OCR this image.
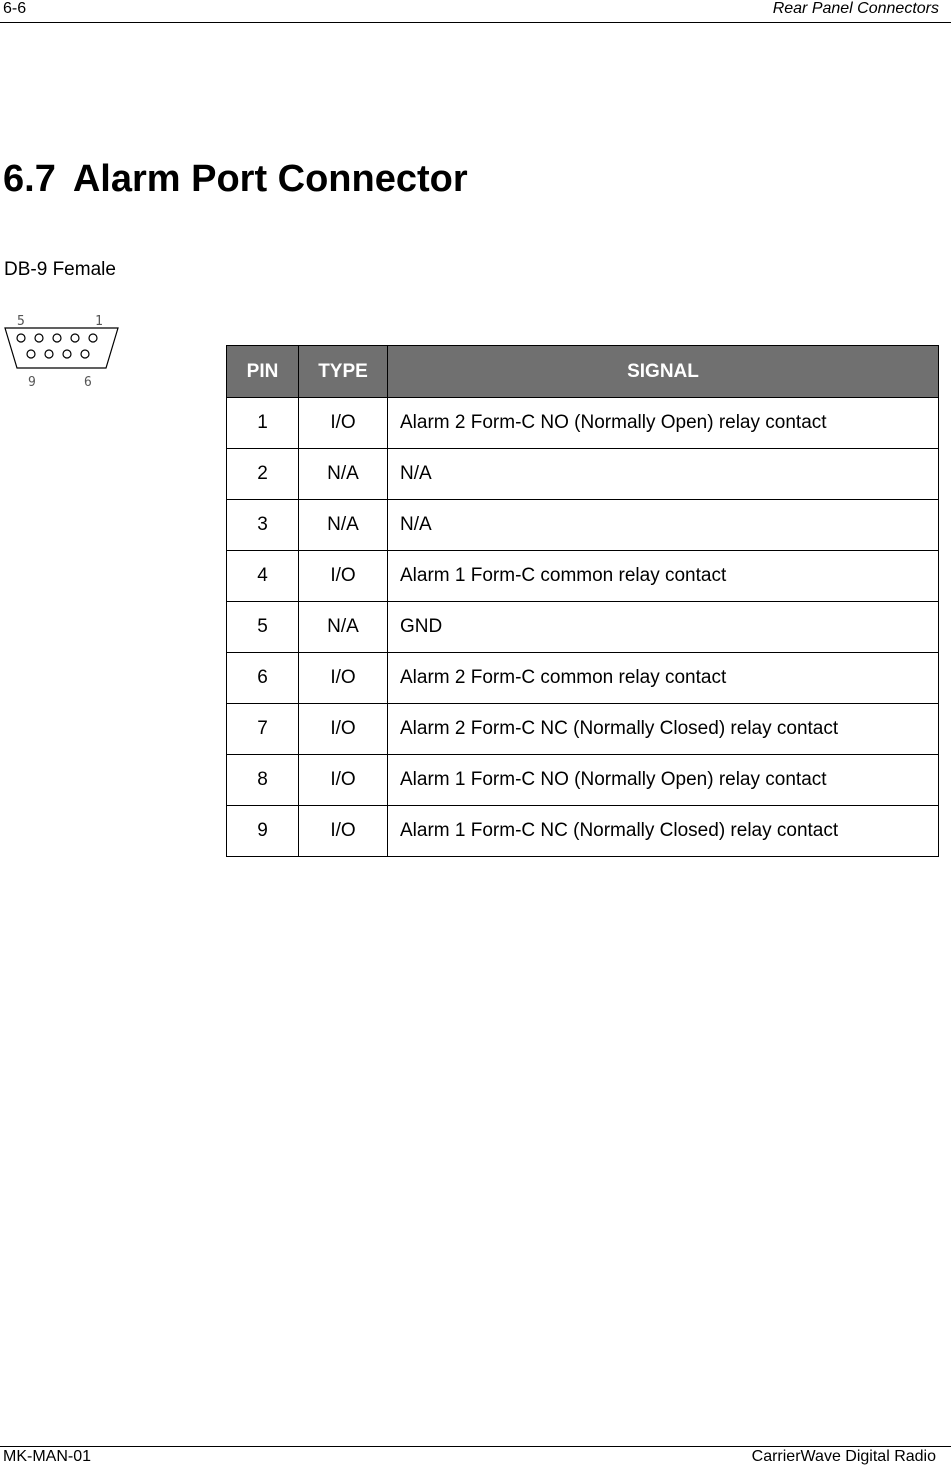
6-6	Rear Panel Connectors
6.7 Alarm Port Connector
DB-9 Female
5	1
9	6
PIN	TYPE	SIGNAL
1	I/O	Alarm 2 Form-C NO (Normally Open) relay contact
2	N/A	N/A
3	N/A	N/A
4	I/O	Alarm 1 Form-C common relay contact
5	N/A	GND
6	I/O	Alarm 2 Form-C common relay contact
7	I/O	Alarm 2 Form-C NC (Normally Closed) relay contact
8	I/O	Alarm 1 Form-C NO (Normally Open) relay contact
9	I/O	Alarm 1 Form-C NC (Normally Closed) relay contact
MK-MAN-01	CarrierWave Digital Radio
